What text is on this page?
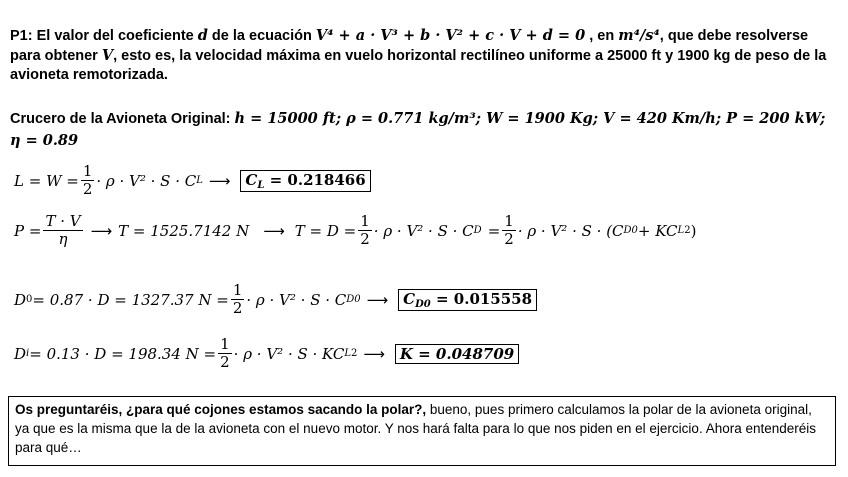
P1: El valor del coeficiente d de la ecuación V⁴ + a · V³ + b · V² + c · V + d = 0 , en m⁴/s⁴, que debe resolverse para obtener V, esto es, la velocidad máxima en vuelo horizontal rectilíneo uniforme a 25000 ft y 1900 kg de peso de la avioneta remotorizada.
Crucero de la Avioneta Original: h = 15000 ft; ρ = 0.771 kg/m³; W = 1900 Kg; V = 420 Km/h; P = 200 kW; η = 0.89
$L = W = \frac{1}{2} \cdot \rho \cdot V^2 \cdot S \cdot C$ L ⟶	$C_L = 0.218466$
$P = \frac{T \cdot V}{\eta}$ ⟶ T = 1525.7142 N ⟶ $T = D = \frac{1}{2} \cdot \rho \cdot V^2 \cdot S \cdot C$ $D = \frac{1}{2} \cdot \rho \cdot V^2 \cdot S \cdot (C$ D0 + KC L 2 )
D 0 = 0.87 · D = 1327.37 $N = \frac{1}{2} \cdot \rho \cdot V^2 \cdot S \cdot C$ D0 ⟶	$C_{D0} = 0.015558$
D i = 0.13 · D = 198.34 $N = \frac{1}{2} \cdot \rho \cdot V^2 \cdot S$ · KC L 2 ⟶	K = 0.048709
Os preguntaréis, ¿para qué cojones estamos sacando la polar?, bueno, pues primero calculamos la polar de la avioneta original, ya que es la misma que la de la avioneta con el nuevo motor. Y nos hará falta para lo que nos piden en el ejercicio. Ahora entenderéis para qué…
